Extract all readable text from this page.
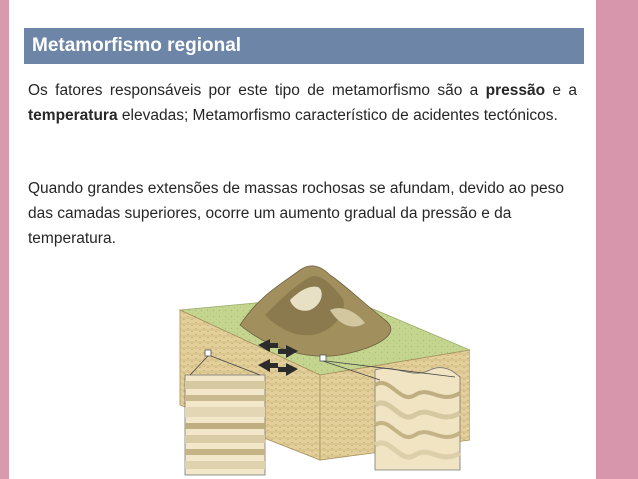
Metamorfismo regional
Os fatores responsáveis por este tipo de metamorfismo são a pressão e a temperatura elevadas; Metamorfismo característico de acidentes tectónicos.
Quando grandes extensões de massas rochosas se afundam, devido ao peso das camadas superiores, ocorre um aumento gradual da pressão e da temperatura.
